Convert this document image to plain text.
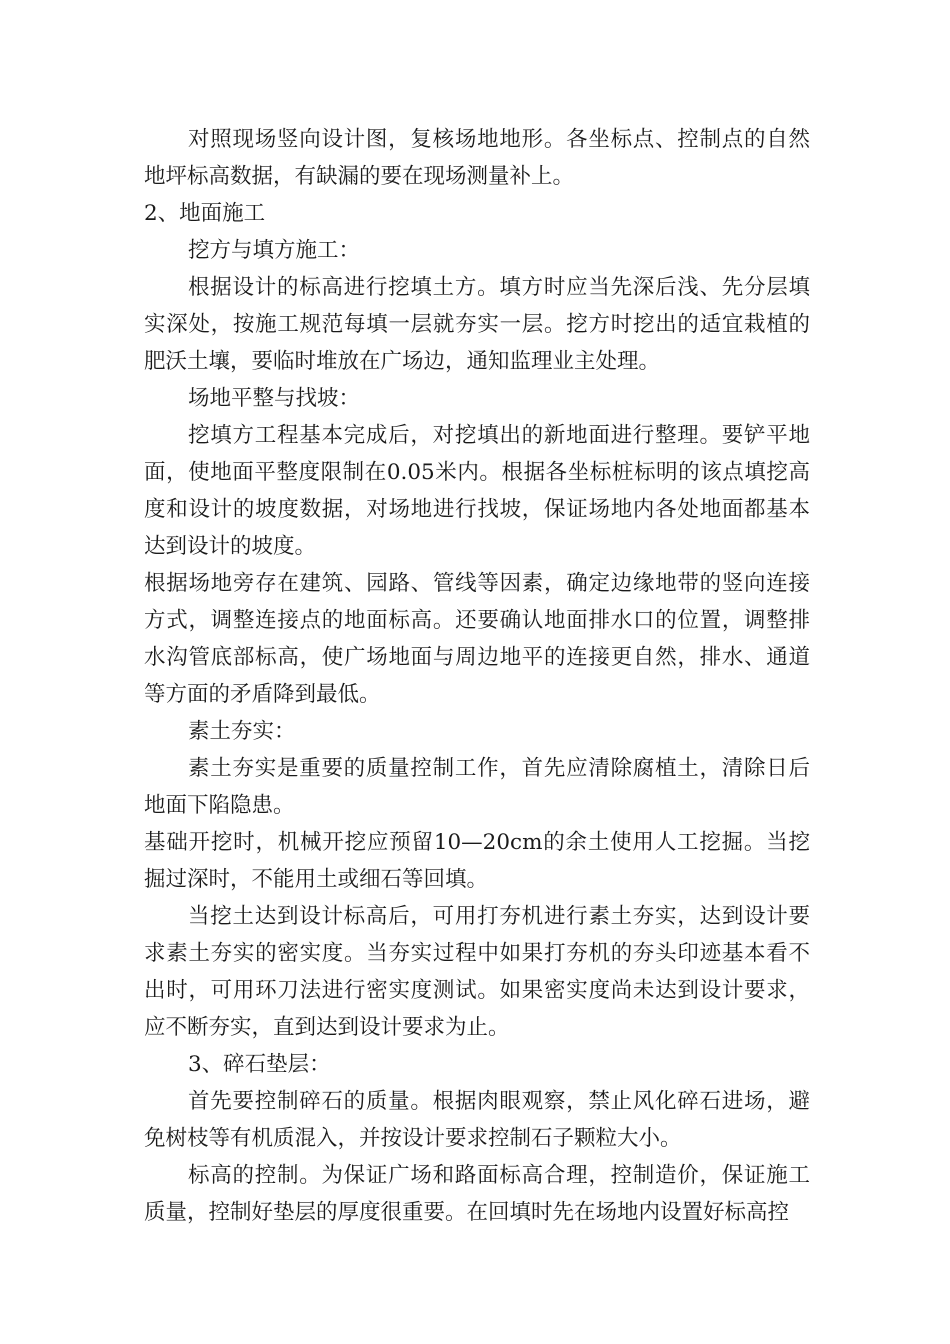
对照现场竖向设计图，复核场地地形。各坐标点、控制点的自然地坪标高数据，有缺漏的要在现场测量补上。

2、地面施工

挖方与填方施工：

根据设计的标高进行挖填土方。填方时应当先深后浅、先分层填实深处，按施工规范每填一层就夯实一层。挖方时挖出的适宜栽植的肥沃土壤，要临时堆放在广场边，通知监理业主处理。

场地平整与找坡：

挖填方工程基本完成后，对挖填出的新地面进行整理。要铲平地面，使地面平整度限制在0.05米内。根据各坐标桩标明的该点填挖高度和设计的坡度数据，对场地进行找坡，保证场地内各处地面都基本达到设计的坡度。

根据场地旁存在建筑、园路、管线等因素，确定边缘地带的竖向连接方式，调整连接点的地面标高。还要确认地面排水口的位置，调整排水沟管底部标高，使广场地面与周边地平的连接更自然，排水、通道等方面的矛盾降到最低。

素土夯实：

素土夯实是重要的质量控制工作，首先应清除腐植土，清除日后地面下陷隐患。

基础开挖时，机械开挖应预留10—20cm的余土使用人工挖掘。当挖掘过深时，不能用土或细石等回填。

当挖土达到设计标高后，可用打夯机进行素土夯实，达到设计要求素土夯实的密实度。当夯实过程中如果打夯机的夯头印迹基本看不出时，可用环刀法进行密实度测试。如果密实度尚未达到设计要求，应不断夯实，直到达到设计要求为止。

3、碎石垫层：

首先要控制碎石的质量。根据肉眼观察，禁止风化碎石进场，避免树枝等有机质混入，并按设计要求控制石子颗粒大小。

标高的控制。为保证广场和路面标高合理，控制造价，保证施工质量，控制好垫层的厚度很重要。在回填时先在场地内设置好标高控
